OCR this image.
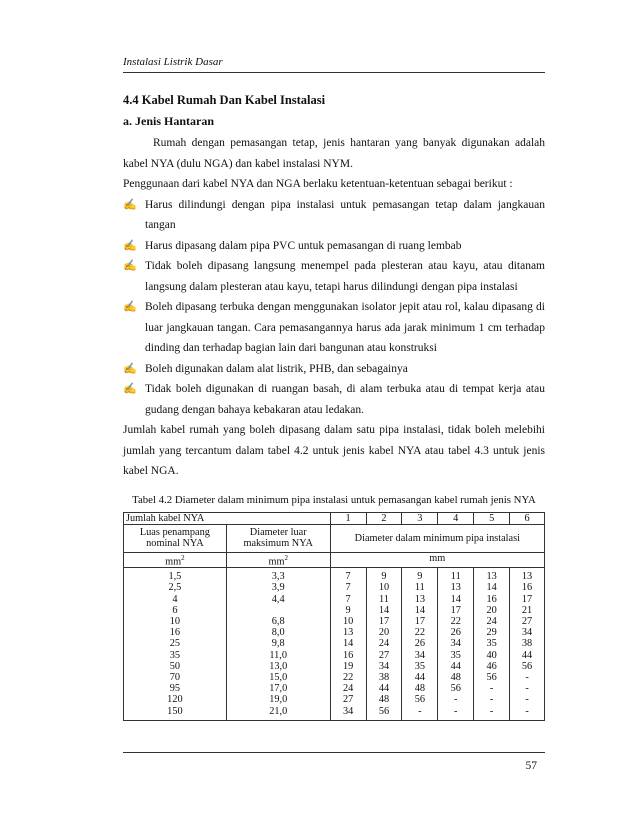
Instalasi Listrik Dasar
4.4 Kabel Rumah Dan Kabel Instalasi
a. Jenis Hantaran

Rumah dengan pemasangan tetap, jenis hantaran yang banyak digunakan adalah kabel NYA (dulu NGA) dan kabel instalasi NYM.

Penggunaan dari kabel NYA dan NGA berlaku ketentuan-ketentuan sebagai berikut :

✍ Harus dilindungi dengan pipa instalasi untuk pemasangan tetap dalam jangkauan tangan

✍ Harus dipasang dalam pipa PVC untuk pemasangan di ruang lembab

✍ Tidak boleh dipasang langsung menempel pada plesteran atau kayu, atau ditanam langsung dalam plesteran atau kayu, tetapi harus dilindungi dengan pipa instalasi

✍ Boleh dipasang terbuka dengan menggunakan isolator jepit atau rol, kalau dipasang di luar jangkauan tangan. Cara pemasangannya harus ada jarak minimum 1 cm terhadap dinding dan terhadap bagian lain dari bangunan atau konstruksi

✍ Boleh digunakan dalam alat listrik, PHB, dan sebagainya

✍ Tidak boleh digunakan di ruangan basah, di alam terbuka atau di tempat kerja atau gudang dengan bahaya kebakaran atau ledakan.

Jumlah kabel rumah yang boleh dipasang dalam satu pipa instalasi, tidak boleh melebihi jumlah yang tercantum dalam tabel 4.2 untuk jenis kabel NYA atau tabel 4.3 untuk jenis kabel NGA.

Tabel 4.2 Diameter dalam minimum pipa instalasi untuk pemasangan kabel rumah jenis NYA
Jumlah kabel NYA		1	2	3	4	5	6
Luas penampang nominal NYA	Diameter luar maksimum NYA	Diameter dalam minimum pipa instalasi					
$mm^2$	$mm^2$	mm					
1,5	3,3	7	9	9	11	13	13
2,5	3,9	7	10	11	13	14	16
4	4,4	7	11	13	14	16	17
6		9	14	14	17	20	21
10	6,8	10	17	17	22	24	27
16	8,0	13	20	22	26	29	34
25	9,8	14	24	26	34	35	38
35	11,0	16	27	34	35	40	44
50	13,0	19	34	35	44	46	56
70	15,0	22	38	44	48	56	-
95	17,0	24	44	48	56	-	-
120	19,0	27	48	56	-	-	-
150	21,0	34	56	-	-	-	-
57
